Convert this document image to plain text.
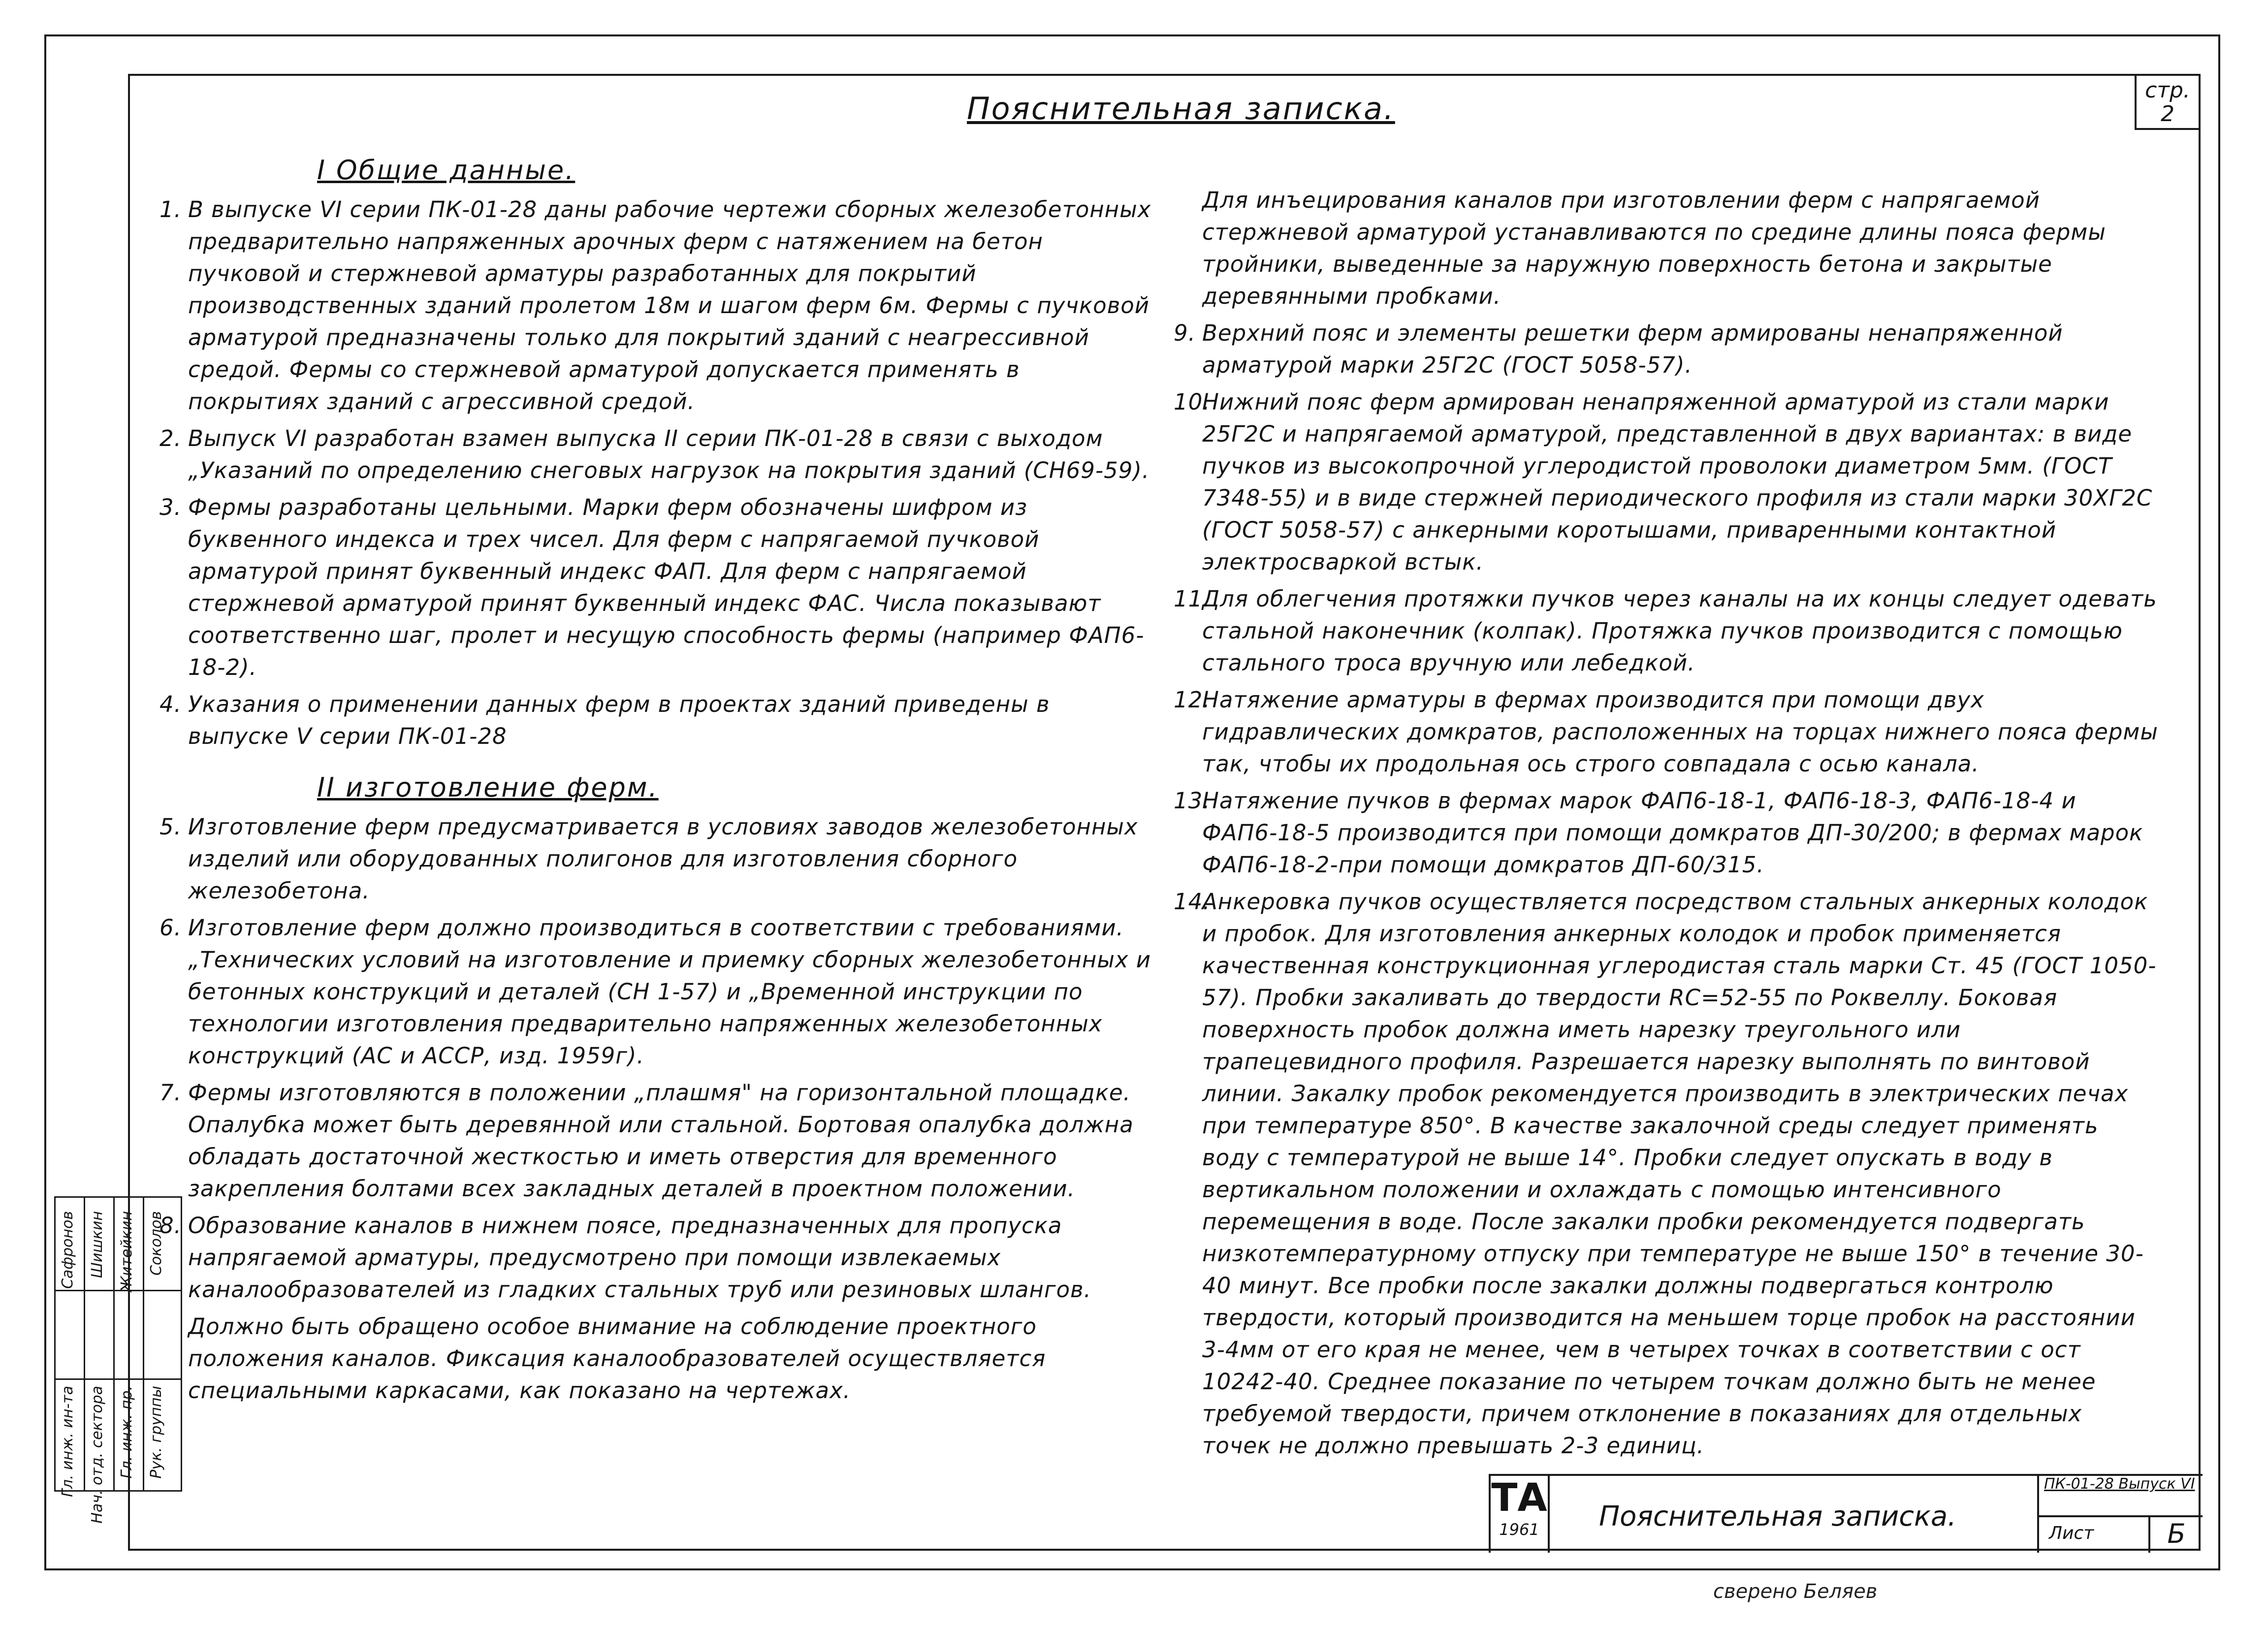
Гл. инж. ин-та Нач. отд. сектора Гл. инж. пр. Рук. группы
Сафронов Шишкин Житейкин Соколов
стр.
2
Пояснительная записка.
I Общие данные.
1. В выпуске VI серии ПК-01-28 даны рабочие чертежи сборных железобетонных предварительно напряженных арочных ферм с натяжением на бетон пучковой и стержневой арматуры разработанных для покрытий производственных зданий пролетом 18м и шагом ферм 6м. Фермы с пучковой арматурой предназначены только для покрытий зданий с неагрессивной средой. Фермы со стержневой арматурой допускается применять в покрытиях зданий с агрессивной средой.
2. Выпуск VI разработан взамен выпуска II серии ПК-01-28 в связи с выходом „Указаний по определению снеговых нагрузок на покрытия зданий (СН69-59).
3. Фермы разработаны цельными. Марки ферм обозначены шифром из буквенного индекса и трех чисел. Для ферм с напрягаемой пучковой арматурой принят буквенный индекс ФАП. Для ферм с напрягаемой стержневой арматурой принят буквенный индекс ФАС. Числа показывают соответственно шаг, пролет и несущую способность фермы (например ФАП6-18-2).
4. Указания о применении данных ферм в проектах зданий приведены в выпуске V серии ПК-01-28
II изготовление ферм.
5. Изготовление ферм предусматривается в условиях заводов железобетонных изделий или оборудованных полигонов для изготовления сборного железобетона.
6. Изготовление ферм должно производиться в соответствии с требованиями. „Технических условий на изготовление и приемку сборных железобетонных и бетонных конструкций и деталей (СН 1-57) и „Временной инструкции по технологии изготовления предварительно напряженных железобетонных конструкций (АС и АССР, изд. 1959г).
7. Фермы изготовляются в положении „плашмя" на горизонтальной площадке. Опалубка может быть деревянной или стальной. Бортовая опалубка должна обладать достаточной жесткостью и иметь отверстия для временного закрепления болтами всех закладных деталей в проектном положении.
8. Образование каналов в нижнем поясе, предназначенных для пропуска напрягаемой арматуры, предусмотрено при помощи извлекаемых каналообразователей из гладких стальных труб или резиновых шлангов.
Должно быть обращено особое внимание на соблюдение проектного положения каналов. Фиксация каналообразователей осуществляется специальными каркасами, как показано на чертежах.
Для инъецирования каналов при изготовлении ферм с напрягаемой стержневой арматурой устанавливаются по средине длины пояса фермы тройники, выведенные за наружную поверхность бетона и закрытые деревянными пробками.
9. Верхний пояс и элементы решетки ферм армированы ненапряженной арматурой марки 25Г2С (ГОСТ 5058-57).
10.
Нижний пояс ферм армирован ненапряженной арматурой из стали марки 25Г2С и напрягаемой арматурой, представленной в двух вариантах: в виде пучков из высокопрочной углеродистой проволоки диаметром 5мм. (ГОСТ 7348-55) и в виде стержней периодического профиля из стали марки 30ХГ2С (ГОСТ 5058-57) с анкерными коротышами, приваренными контактной электросваркой встык.
11.
Для облегчения протяжки пучков через каналы на их концы следует одевать стальной наконечник (колпак). Протяжка пучков производится с помощью стального троса вручную или лебедкой.
12.
Натяжение арматуры в фермах производится при помощи двух гидравлических домкратов, расположенных на торцах нижнего пояса фермы так, чтобы их продольная ось строго совпадала с осью канала.
13.
Натяжение пучков в фермах марок ФАП6-18-1, ФАП6-18-3, ФАП6-18-4 и ФАП6-18-5 производится при помощи домкратов ДП-30/200; в фермах марок ФАП6-18-2-при помощи домкратов ДП-60/315.
14.
Анкеровка пучков осуществляется посредством стальных анкерных колодок и пробок. Для изготовления анкерных колодок и пробок применяется качественная конструкционная углеродистая сталь марки Ст. 45 (ГОСТ 1050-57). Пробки закаливать до твердости RC=52-55 по Роквеллу. Боковая поверхность пробок должна иметь нарезку треугольного или трапецевидного профиля. Разрешается нарезку выполнять по винтовой линии. Закалку пробок рекомендуется производить в электрических печах при температуре 850°. В качестве закалочной среды следует применять воду с температурой не выше 14°. Пробки следует опускать в воду в вертикальном положении и охлаждать с помощью интенсивного перемещения в воде. После закалки пробки рекомендуется подвергать низкотемпературному отпуску при температуре не выше 150° в течение 30-40 минут. Все пробки после закалки должны подвергаться контролю твердости, который производится на меньшем торце пробок на расстоянии 3-4мм от его края не менее, чем в четырех точках в соответствии с ост 10242-40. Среднее показание по четырем точкам должно быть не менее требуемой твердости, причем отклонение в показаниях для отдельных точек не должно превышать 2-3 единиц.
ТА
1961	Пояснительная записка.
ПК-01-28 Выпуск VI
Лист	Б
сверено Беляев
